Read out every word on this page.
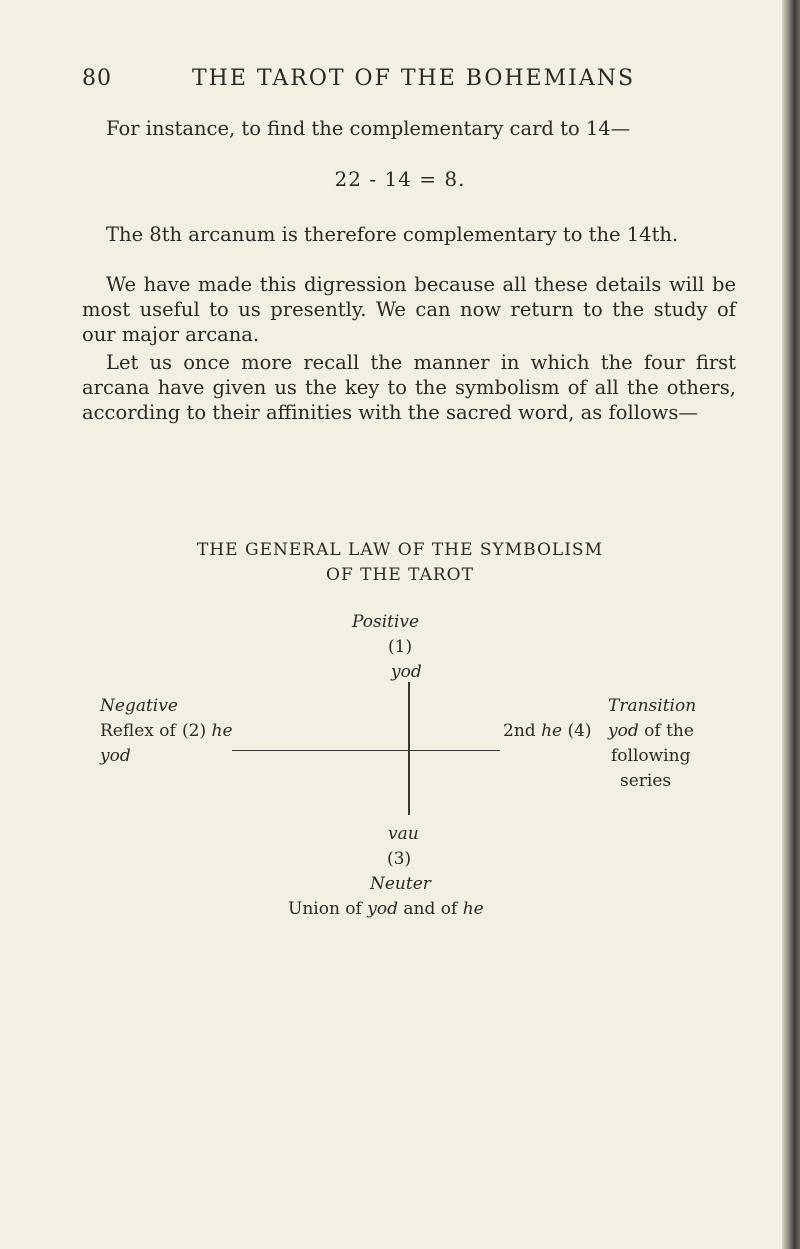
80	THE TAROT OF THE BOHEMIANS
For instance, to find the complementary card to 14—
22 - 14 = 8.
The 8th arcanum is therefore complementary to the 14th.
We have made this digression because all these details will be most useful to us presently. We can now return to the study of our major arcana.
Let us once more recall the manner in which the four first arcana have given us the key to the symbolism of all the others, according to their affinities with the sacred word, as follows—
THE GENERAL LAW OF THE SYMBOLISM
OF THE TAROT
Positive
(1)
yod
Negative
Reflex of
yod
(2) he	2nd he (4)
Transition
yod of the
following
series
vau
(3)
Neuter
Union of yod and of he
